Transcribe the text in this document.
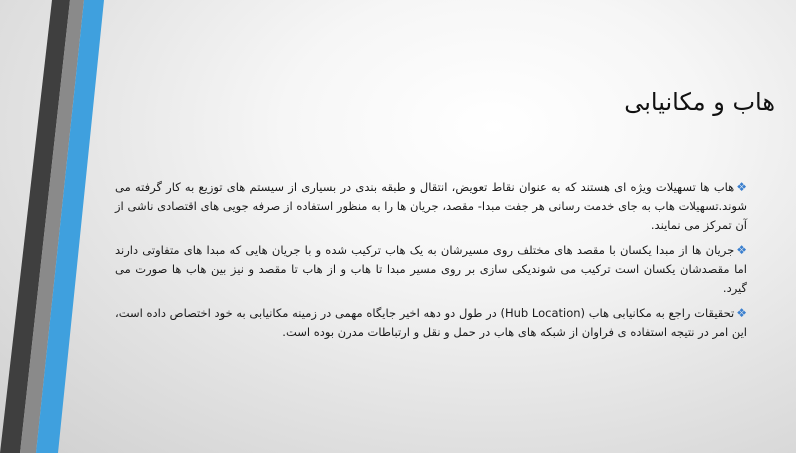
هاب و مکانیابی

❖هاب ها تسهیلات ویژه ای هستند که به عنوان نقاط تعویض، انتقال و طبقه بندی در بسیاری از سیستم های توزیع به کار گرفته می شوند.تسهیلات هاب به جای خدمت رسانی هر جفت مبدا- مقصد، جریان ها را به منظور استفاده از صرفه جویی های اقتصادی ناشی از آن تمرکز می نمایند.

❖جریان ها از مبدا یکسان با مقصد های مختلف روی مسیرشان به یک هاب ترکیب شده و با جریان هایی که مبدا های متفاوتی دارند اما مقصدشان یکسان است ترکیب می شوندیکی سازی بر روی مسیر مبدا تا هاب و از هاب تا مقصد و نیز بین هاب ها صورت می گیرد.

❖تحقیقات راجع به مکانیابی هاب (Hub Location) در طول دو دهه اخیر جایگاه مهمی در زمینه مکانیابی به خود اختصاص داده است، این امر در نتیجه استفاده ی فراوان از شبکه های هاب در حمل و نقل و ارتباطات مدرن بوده است.
